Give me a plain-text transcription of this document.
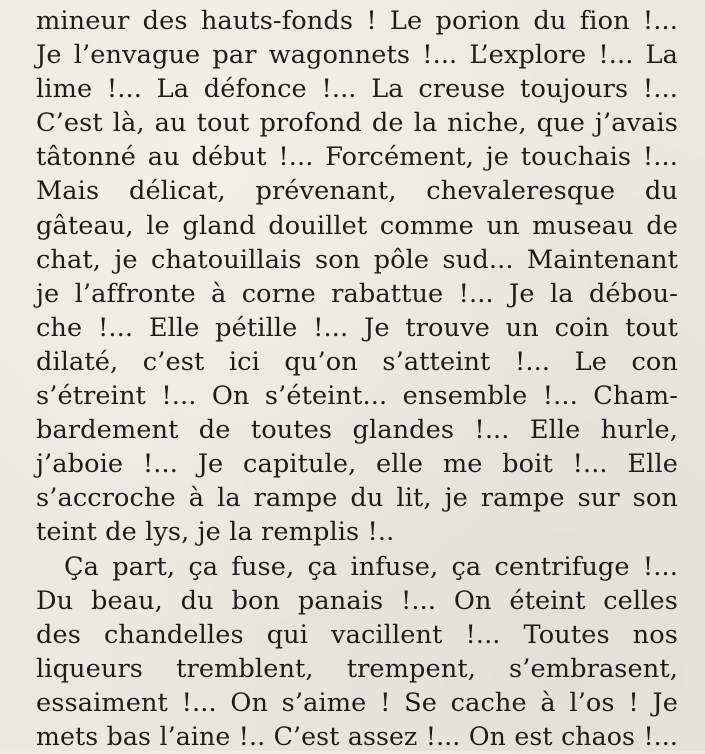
mineur des hauts-fonds ! Le porion du fion !...
Je l’envague par wagonnets !... L’explore !... La
lime !... La défonce !... La creuse toujours !...
C’est là, au tout profond de la niche, que j’avais
tâtonné au début !... Forcément, je touchais !...
Mais délicat, prévenant, chevaleresque du
gâteau, le gland douillet comme un museau de
chat, je chatouillais son pôle sud... Maintenant
je l’affronte à corne rabattue !... Je la débou-
che !... Elle pétille !... Je trouve un coin tout
dilaté, c’est ici qu’on s’atteint !... Le con
s’étreint !... On s’éteint... ensemble !... Cham-
bardement de toutes glandes !... Elle hurle,
j’aboie !... Je capitule, elle me boit !... Elle
s’accroche à la rampe du lit, je rampe sur son
teint de lys, je la remplis !..
Ça part, ça fuse, ça infuse, ça centrifuge !...
Du beau, du bon panais !... On éteint celles
des chandelles qui vacillent !... Toutes nos
liqueurs tremblent, trempent, s’embrasent,
essaiment !... On s’aime ! Se cache à l’os ! Je
mets bas l’aine !.. C’est assez !... On est chaos !...
